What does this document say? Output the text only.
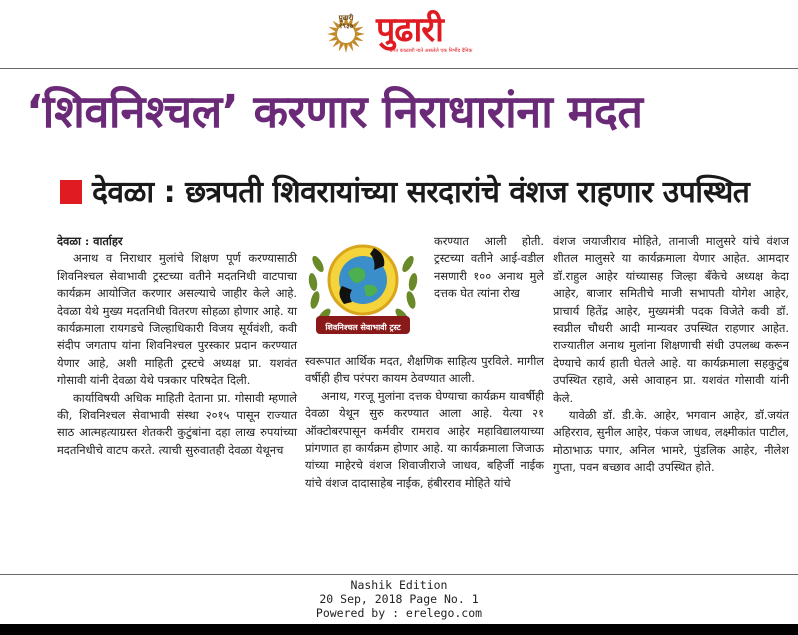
पुढारी
१९३७ पुढारी
प्रगत काळाशी नाते असलेले एक निर्भीड दैनिक
‘शिवनिश्चल’ करणार निराधारांना मदत
देवळा : छत्रपती शिवरायांच्या सरदारांचे वंशज राहणार उपस्थित

देवळा : वार्ताहर

अनाथ व निराधार मुलांचे शिक्षण पूर्ण करण्यासाठी शिवनिश्चल सेवाभावी ट्रस्टच्या वतीने मदतनिधी वाटपाचा कार्यक्रम आयोजित करणार असल्याचे जाहीर केले आहे. देवळा येथे मुख्य मदतनिधी वितरण सोहळा होणार आहे. या कार्यक्रमाला रायगडचे जिल्हाधिकारी विजय सूर्यवंशी, कवी संदीप जगताप यांना शिवनिश्चल पुरस्कार प्रदान करण्यात येणार आहे, अशी माहिती ट्रस्टचे अध्यक्ष प्रा. यशवंत गोसावी यांनी देवळा येथे पत्रकार परिषदेत दिली.

कार्याविषयी अधिक माहिती देताना प्रा. गोसावी म्हणाले की, शिवनिश्चल सेवाभावी संस्था २०१५ पासून राज्यात साठ आत्महत्याग्रस्त शेतकरी कुटुंबांना दहा लाख रुपयांच्या मदतनिधीचे वाटप करते. त्याची सुरुवातही देवळा येथूनच

शिवनिश्चल सेवाभावी ट्रस्ट

करण्यात आली होती. ट्रस्टच्या वतीने आई-वडील नसणारी १०० अनाथ मुले दत्तक घेत त्यांना रोख

स्वरूपात आर्थिक मदत, शैक्षणिक साहित्य पुरविले. मागील वर्षीही हीच परंपरा कायम ठेवण्यात आली.

अनाथ, गरजू मुलांना दत्तक घेण्याचा कार्यक्रम यावर्षीही देवळा येथून सुरु करण्यात आला आहे. येत्या २१ ऑक्टोबरपासून कर्मवीर रामराव आहेर महाविद्यालयाच्या प्रांगणात हा कार्यक्रम होणार आहे. या कार्यक्रमाला जिजाऊ यांच्या माहेरचे वंशज शिवाजीराजे जाधव, बहिर्जी नाईक यांचे वंशज दादासाहेब नाईक, हंबीरराव मोहिते यांचे

वंशज जयाजीराव मोहिते, तानाजी मालुसरे यांचे वंशज शीतल मालुसरे या कार्यक्रमाला येणार आहेत. आमदार डॉ.राहुल आहेर यांच्यासह जिल्हा बँकेचे अध्यक्ष केदा आहेर, बाजार समितीचे माजी सभापती योगेश आहेर, प्राचार्य हितेंद्र आहेर, मुख्यमंत्री पदक विजेते कवी डॉ. स्वप्नील चौधरी आदी मान्यवर उपस्थित राहणार आहेत. राज्यातील अनाथ मुलांना शिक्षणाची संधी उपलब्ध करून देण्याचे कार्य हाती घेतले आहे. या कार्यक्रमाला सहकुटुंब उपस्थित रहावे, असे आवाहन प्रा. यशवंत गोसावी यांनी केले.

यावेळी डॉ. डी.के. आहेर, भगवान आहेर, डॉ.जयंत अहिरराव, सुनील आहेर, पंकज जाधव, लक्ष्मीकांत पाटील, मोठाभाऊ पगार, अनिल भामरे, पुंडलिक आहेर, नीलेश गुप्ता, पवन बच्छाव आदी उपस्थित होते.

Nashik Edition
20 Sep, 2018 Page No. 1
Powered by : erelego.com
